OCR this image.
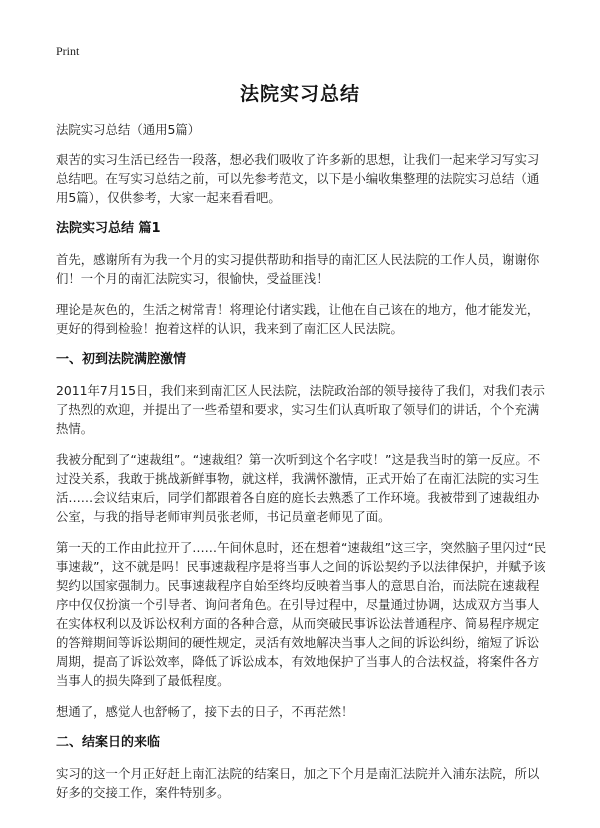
Print
法院实习总结

法院实习总结（通用5篇）

艰苦的实习生活已经告一段落，想必我们吸收了许多新的思想，让我们一起来学习写实习总结吧。在写实习总结之前，可以先参考范文，以下是小编收集整理的法院实习总结（通用5篇），仅供参考，大家一起来看看吧。

法院实习总结 篇1

首先，感谢所有为我一个月的实习提供帮助和指导的南汇区人民法院的工作人员，谢谢你们！一个月的南汇法院实习，很愉快，受益匪浅！

理论是灰色的，生活之树常青！将理论付诸实践，让他在自己该在的地方，他才能发光，更好的得到检验！抱着这样的认识，我来到了南汇区人民法院。

一、初到法院满腔激情

2011年7月15日，我们来到南汇区人民法院，法院政治部的领导接待了我们，对我们表示了热烈的欢迎，并提出了一些希望和要求，实习生们认真听取了领导们的讲话，个个充满热情。

我被分配到了“速裁组”。“速裁组？第一次听到这个名字哎！”这是我当时的第一反应。不过没关系，我敢于挑战新鲜事物，就这样，我满怀激情，正式开始了在南汇法院的实习生活……会议结束后，同学们都跟着各自庭的庭长去熟悉了工作环境。我被带到了速裁组办公室，与我的指导老师审判员张老师，书记员童老师见了面。

第一天的工作由此拉开了……午间休息时，还在想着“速裁组”这三字，突然脑子里闪过“民事速裁”，这不就是吗！民事速裁程序是将当事人之间的诉讼契约予以法律保护，并赋予该契约以国家强制力。民事速裁程序自始至终均反映着当事人的意思自治，而法院在速裁程序中仅仅扮演一个引导者、询问者角色。在引导过程中，尽量通过协调，达成双方当事人在实体权利以及诉讼权利方面的各种合意，从而突破民事诉讼法普通程序、简易程序规定的答辩期间等诉讼期间的硬性规定，灵活有效地解决当事人之间的诉讼纠纷，缩短了诉讼周期，提高了诉讼效率，降低了诉讼成本，有效地保护了当事人的合法权益，将案件各方当事人的损失降到了最低程度。

想通了，感觉人也舒畅了，接下去的日子，不再茫然！

二、结案日的来临

实习的这一个月正好赶上南汇法院的结案日，加之下个月是南汇法院并入浦东法院，所以好多的交接工作，案件特别多。
